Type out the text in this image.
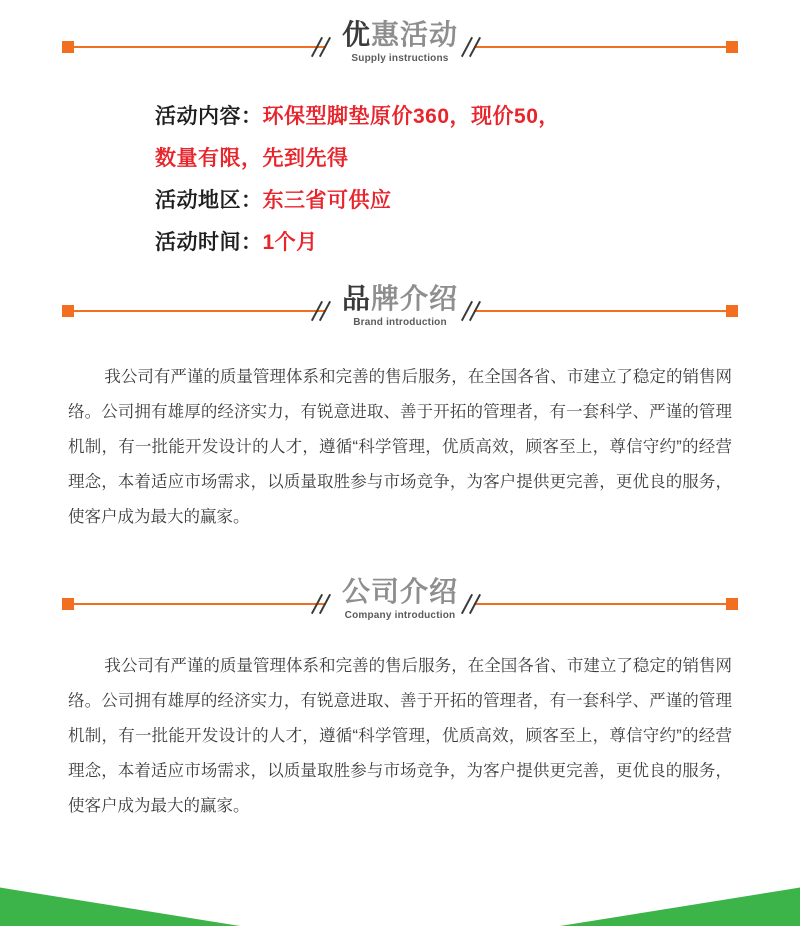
优惠活动
Supply instructions
活动内容：环保型脚垫原价360，现价50，
数量有限，先到先得
活动地区：东三省可供应
活动时间：1个月
品牌介绍
Brand introduction
我公司有严谨的质量管理体系和完善的售后服务，在全国各省、市建立了稳定的销售网络。公司拥有雄厚的经济实力，有锐意进取、善于开拓的管理者，有一套科学、严谨的管理机制，有一批能开发设计的人才，遵循“科学管理，优质高效，顾客至上，尊信守约”的经营理念，本着适应市场需求，以质量取胜参与市场竞争，为客户提供更完善，更优良的服务，使客户成为最大的赢家。
公司介绍
Company introduction
我公司有严谨的质量管理体系和完善的售后服务，在全国各省、市建立了稳定的销售网络。公司拥有雄厚的经济实力，有锐意进取、善于开拓的管理者，有一套科学、严谨的管理机制，有一批能开发设计的人才，遵循“科学管理，优质高效，顾客至上，尊信守约”的经营理念，本着适应市场需求，以质量取胜参与市场竞争，为客户提供更完善，更优良的服务，使客户成为最大的赢家。
